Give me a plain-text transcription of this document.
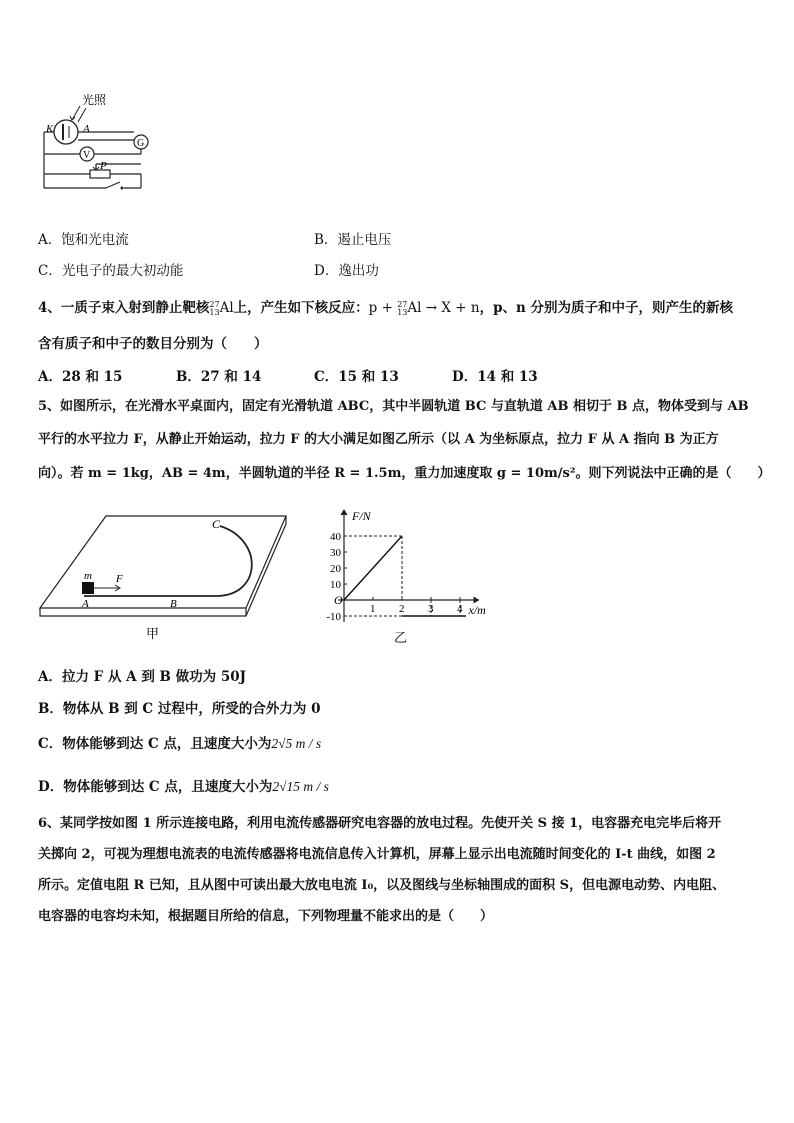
光照
K	A
G
V
P
A．饱和光电流	B．遏止电压
C．光电子的最大初动能	D．逸出功
4、一质子束入射到静止靶核27
13Al上，产生如下核反应：p + 27
13Al → X + n，p、n 分别为质子和中子，则产生的新核
含有质子和中子的数目分别为（　　）
A．28 和 15	B．27 和 14	C．15 和 13	D．14 和 13
5、如图所示，在光滑水平桌面内，固定有光滑轨道 ABC，其中半圆轨道 BC 与直轨道 AB 相切于 B 点，物体受到与 AB
平行的水平拉力 F，从静止开始运动，拉力 F 的大小满足如图乙所示（以 A 为坐标原点，拉力 F 从 A 指向 B 为正方
向）。若 m = 1kg，AB = 4m，半圆轨道的半径 R = 1.5m，重力加速度取 g = 10m/s²。则下列说法中正确的是（　　）
C
m F
A	B
甲
F/N
x/m
O
40
30
20
10
-10
1 2 3 4
乙
A．拉力 F 从 A 到 B 做功为 50J
B．物体从 B 到 C 过程中，所受的合外力为 0
C．物体能够到达 C 点，且速度大小为2√5 m / s
D．物体能够到达 C 点，且速度大小为2√15 m / s
6、某同学按如图 1 所示连接电路，利用电流传感器研究电容器的放电过程。先使开关 S 接 1，电容器充电完毕后将开
关掷向 2，可视为理想电流表的电流传感器将电流信息传入计算机，屏幕上显示出电流随时间变化的 I-t 曲线，如图 2
所示。定值电阻 R 已知，且从图中可读出最大放电电流 I₀，以及图线与坐标轴围成的面积 S，但电源电动势、内电阻、
电容器的电容均未知，根据题目所给的信息，下列物理量不能求出的是（　　）
